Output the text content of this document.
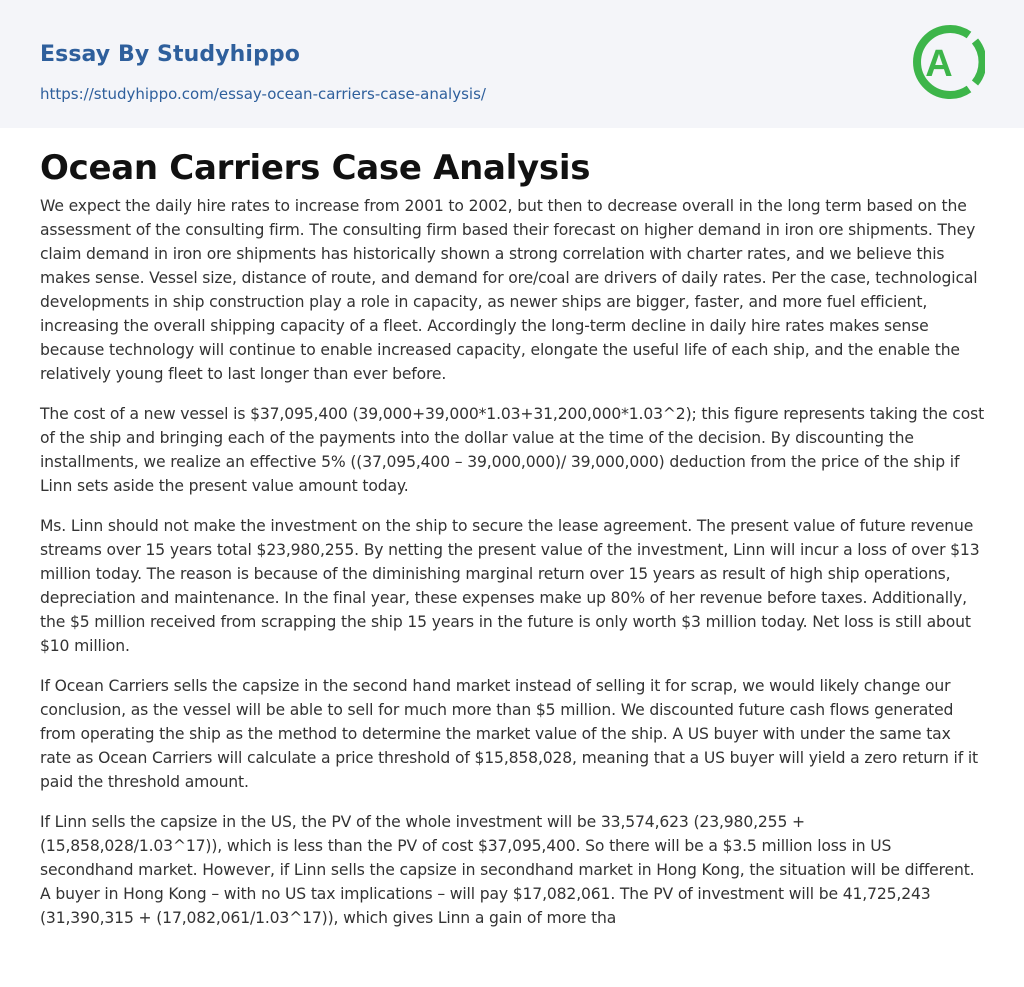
Essay By Studyhippo
https://studyhippo.com/essay-ocean-carriers-case-analysis/
A
Ocean Carriers Case Analysis

We expect the daily hire rates to increase from 2001 to 2002, but then to decrease overall in the long term based on the assessment of the consulting firm. The consulting firm based their forecast on higher demand in iron ore shipments. They claim demand in iron ore shipments has historically shown a strong correlation with charter rates, and we believe this makes sense. Vessel size, distance of route, and demand for ore/coal are drivers of daily rates. Per the case, technological developments in ship construction play a role in capacity, as newer ships are bigger, faster, and more fuel efficient, increasing the overall shipping capacity of a fleet. Accordingly the long-term decline in daily hire rates makes sense because technology will continue to enable increased capacity, elongate the useful life of each ship, and the enable the relatively young fleet to last longer than ever before.

The cost of a new vessel is $37,095,400 (39,000+39,000*1.03+31,200,000*1.03^2); this figure represents taking the cost of the ship and bringing each of the payments into the dollar value at the time of the decision. By discounting the installments, we realize an effective 5% ((37,095,400 – 39,000,000)/ 39,000,000) deduction from the price of the ship if Linn sets aside the present value amount today.

Ms. Linn should not make the investment on the ship to secure the lease agreement. The present value of future revenue streams over 15 years total $23,980,255. By netting the present value of the investment, Linn will incur a loss of over $13 million today. The reason is because of the diminishing marginal return over 15 years as result of high ship operations, depreciation and maintenance. In the final year, these expenses make up 80% of her revenue before taxes. Additionally, the $5 million received from scrapping the ship 15 years in the future is only worth $3 million today. Net loss is still about $10 million.

If Ocean Carriers sells the capsize in the second hand market instead of selling it for scrap, we would likely change our conclusion, as the vessel will be able to sell for much more than $5 million. We discounted future cash flows generated from operating the ship as the method to determine the market value of the ship. A US buyer with under the same tax rate as Ocean Carriers will calculate a price threshold of $15,858,028, meaning that a US buyer will yield a zero return if it paid the threshold amount.

If Linn sells the capsize in the US, the PV of the whole investment will be 33,574,623 (23,980,255 + (15,858,028/1.03^17)), which is less than the PV of cost $37,095,400. So there will be a $3.5 million loss in US secondhand market. However, if Linn sells the capsize in secondhand market in Hong Kong, the situation will be different. A buyer in Hong Kong – with no US tax implications – will pay $17,082,061. The PV of investment will be 41,725,243 (31,390,315 + (17,082,061/1.03^17)), which gives Linn a gain of more tha
